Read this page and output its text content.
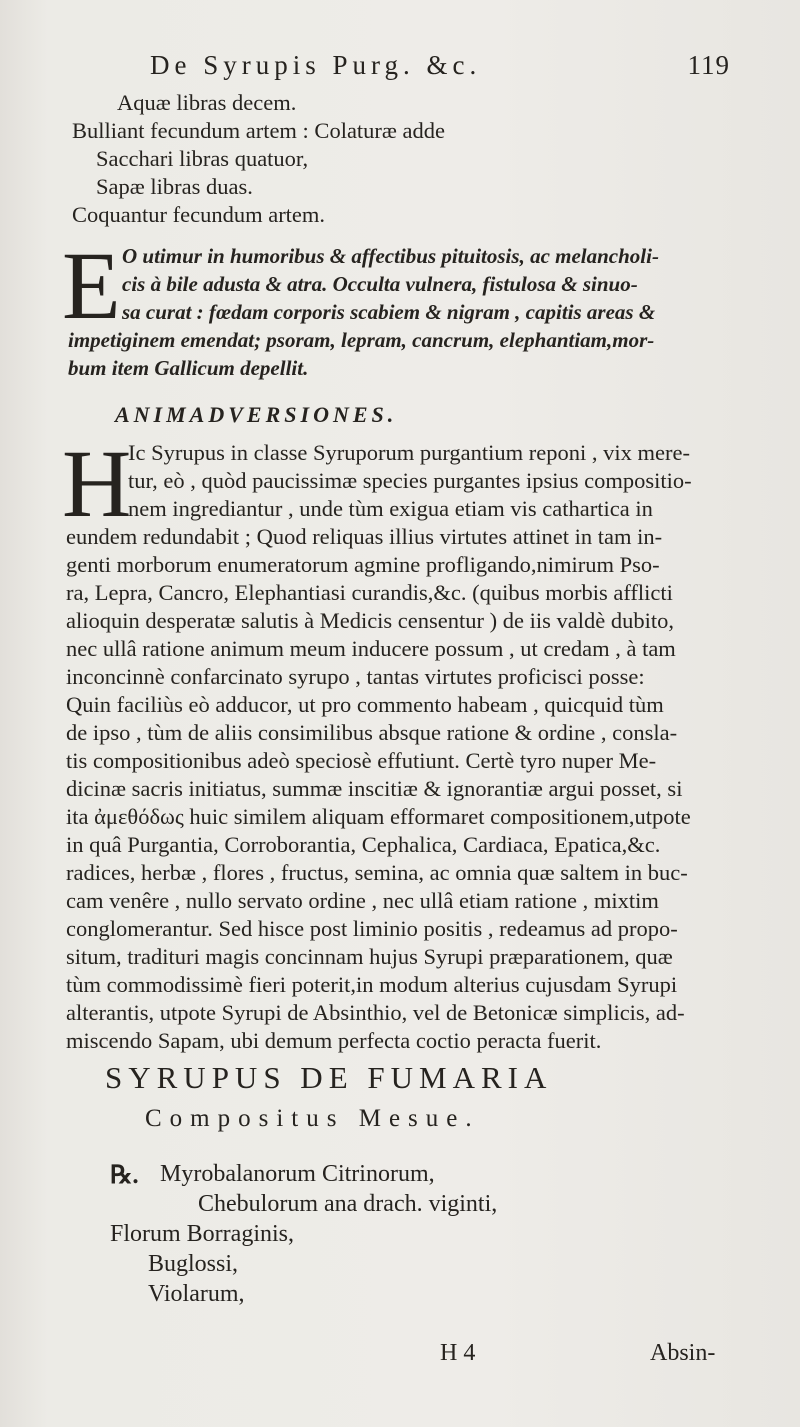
De Syrupis Purg. &c.	119
Aquæ libras decem.
Bulliant fecundum artem : Colaturæ adde
Sacchari libras quatuor,
Sapæ libras duas.
Coquantur fecundum artem.
E O utimur in humoribus & affectibus pituitosis, ac melancholi-
cis à bile adusta & atra. Occulta vulnera, fistulosa & sinuo-
sa curat : fœdam corporis scabiem & nigram , capitis areas &
impetiginem emendat; psoram, lepram, cancrum, elephantiam,mor-
bum item Gallicum depellit.
ANIMADVERSIONES.
H
Ic Syrupus in classe Syruporum purgantium reponi , vix mere-
tur, eò , quòd paucissimæ species purgantes ipsius compositio-
nem ingrediantur , unde tùm exigua etiam vis cathartica in
eundem redundabit ; Quod reliquas illius virtutes attinet in tam in-
genti morborum enumeratorum agmine profligando,nimirum Pso-
ra, Lepra, Cancro, Elephantiasi curandis,&c. (quibus morbis afflicti
alioquin desperatæ salutis à Medicis censentur ) de iis valdè dubito,
nec ullâ ratione animum meum inducere possum , ut credam , à tam
inconcinnè confarcinato syrupo , tantas virtutes proficisci posse:
Quin faciliùs eò adducor, ut pro commento habeam , quicquid tùm
de ipso , tùm de aliis consimilibus absque ratione & ordine , consla-
tis compositionibus adeò speciosè effutiunt. Certè tyro nuper Me-
dicinæ sacris initiatus, summæ inscitiæ & ignorantiæ argui posset, si
ita ἀμεθόδως huic similem aliquam efformaret compositionem,utpote
in quâ Purgantia, Corroborantia, Cephalica, Cardiaca, Epatica,&c.
radices, herbæ , flores , fructus, semina, ac omnia quæ saltem in buc-
cam venêre , nullo servato ordine , nec ullâ etiam ratione , mixtim
conglomerantur. Sed hisce post liminio positis , redeamus ad propo-
situm, tradituri magis concinnam hujus Syrupi præparationem, quæ
tùm commodissimè fieri poterit,in modum alterius cujusdam Syrupi
alterantis, utpote Syrupi de Absinthio, vel de Betonicæ simplicis, ad-
miscendo Sapam, ubi demum perfecta coctio peracta fuerit.
SYRUPUS DE FUMARIA
Compositus Mesue.
℞. Myrobalanorum Citrinorum,
Chebulorum ana drach. viginti,
Florum Borraginis,
Buglossi,
Violarum,
H 4	Absin-
